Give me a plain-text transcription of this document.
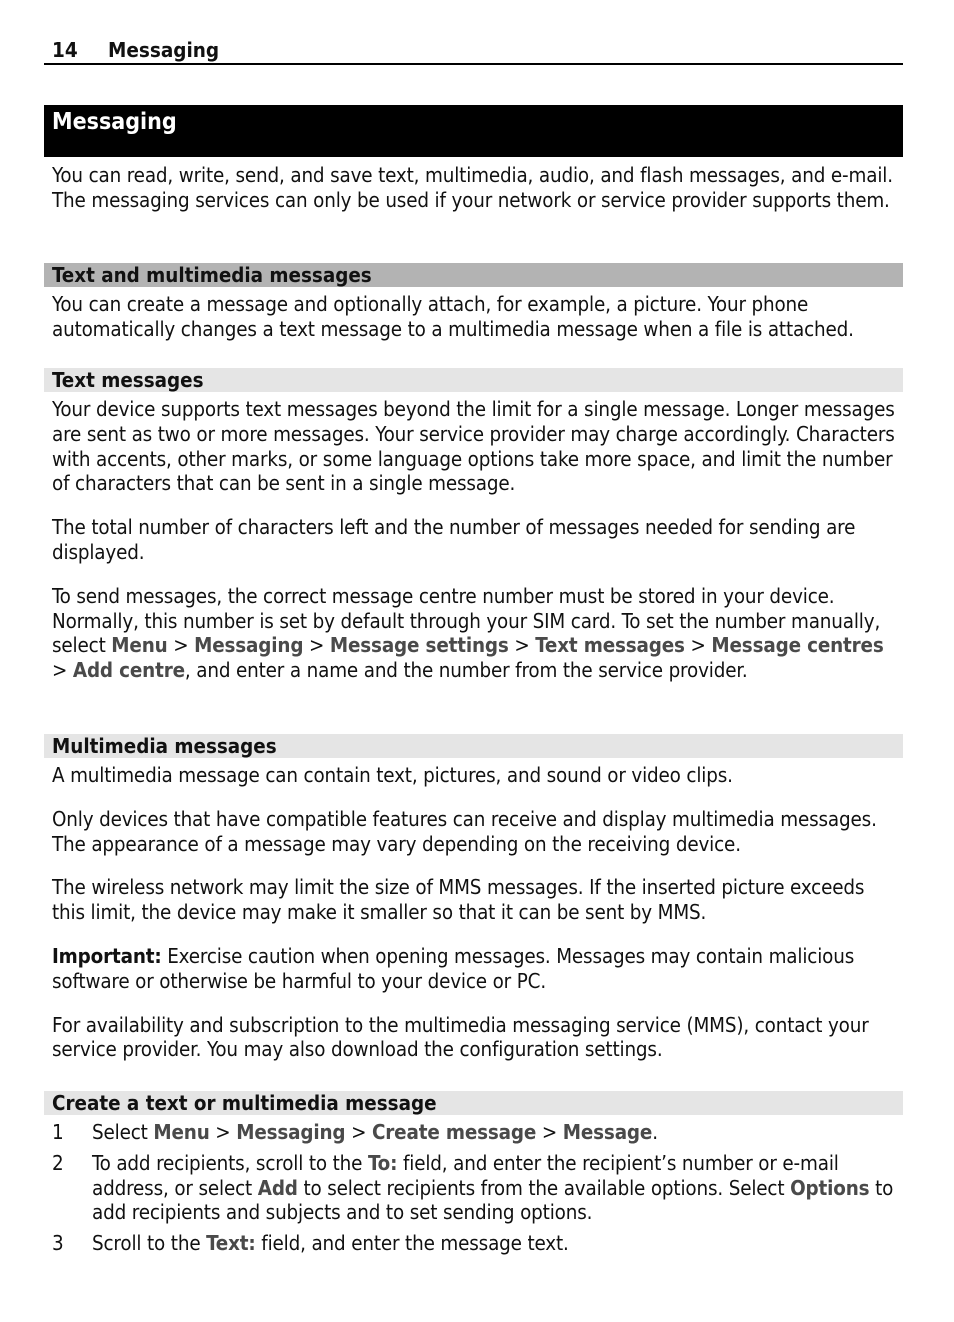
14 Messaging
Messaging

You can read, write, send, and save text, multimedia, audio, and flash messages, and e-mail. The messaging services can only be used if your network or service provider supports them.

Text and multimedia messages

You can create a message and optionally attach, for example, a picture. Your phone automatically changes a text message to a multimedia message when a file is attached.

Text messages

Your device supports text messages beyond the limit for a single message. Longer messages are sent as two or more messages. Your service provider may charge accordingly. Characters with accents, other marks, or some language options take more space, and limit the number of characters that can be sent in a single message.

The total number of characters left and the number of messages needed for sending are displayed.

To send messages, the correct message centre number must be stored in your device. Normally, this number is set by default through your SIM card. To set the number manually, select Menu > Messaging > Message settings > Text messages > Message centres > Add centre, and enter a name and the number from the service provider.

Multimedia messages

A multimedia message can contain text, pictures, and sound or video clips.

Only devices that have compatible features can receive and display multimedia messages. The appearance of a message may vary depending on the receiving device.

The wireless network may limit the size of MMS messages. If the inserted picture exceeds this limit, the device may make it smaller so that it can be sent by MMS.

Important: Exercise caution when opening messages. Messages may contain malicious software or otherwise be harmful to your device or PC.

For availability and subscription to the multimedia messaging service (MMS), contact your service provider. You may also download the configuration settings.

Create a text or multimedia message

1 Select Menu > Messaging > Create message > Message.

2 To add recipients, scroll to the To: field, and enter the recipient’s number or e-mail address, or select Add to select recipients from the available options. Select Options to add recipients and subjects and to set sending options.

3 Scroll to the Text: field, and enter the message text.
